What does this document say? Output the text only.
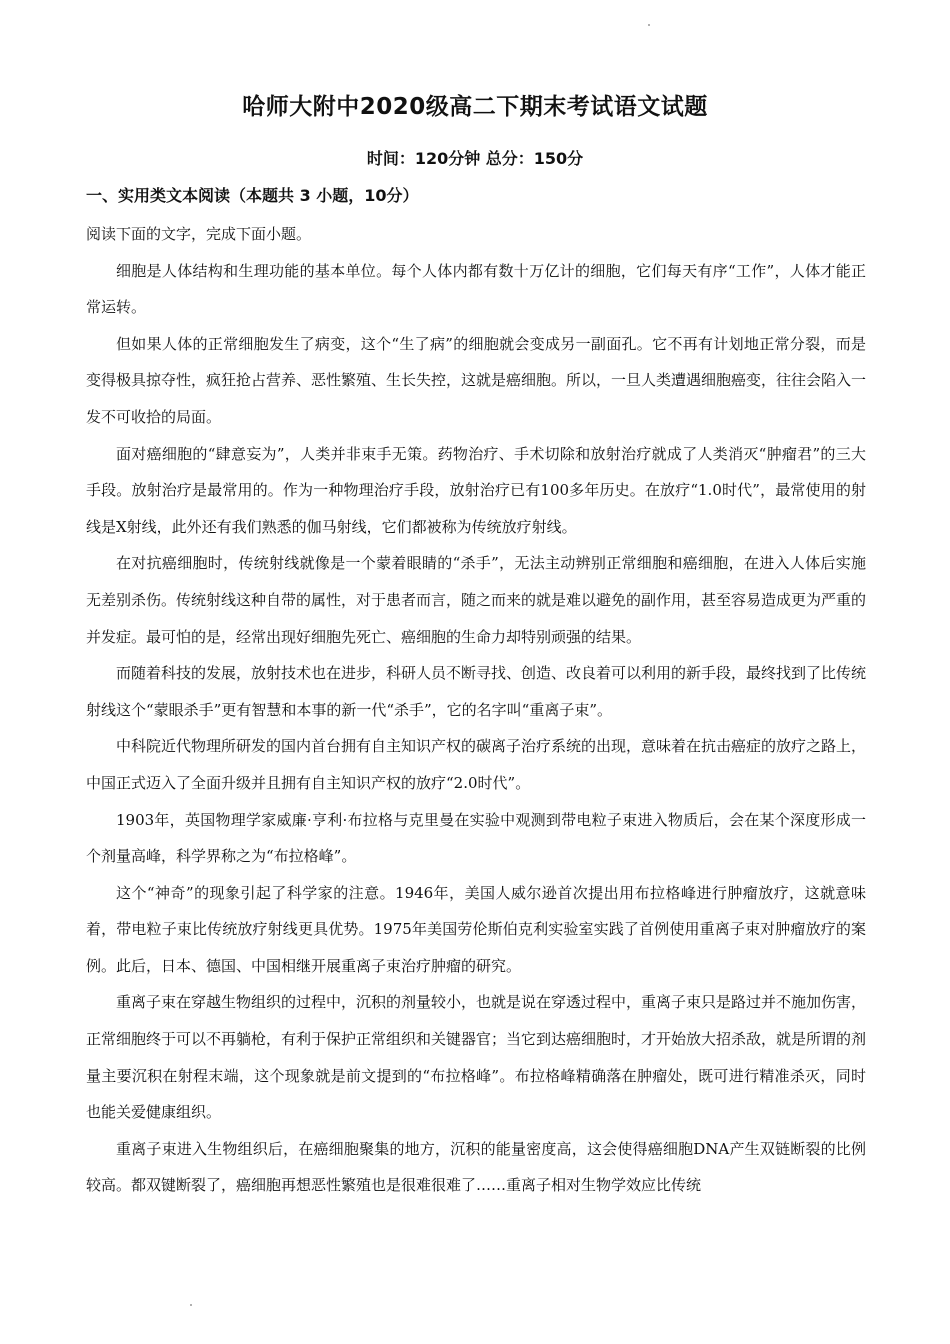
哈师大附中2020级高二下期末考试语文试题
时间：120分钟 总分：150分
一、实用类文本阅读（本题共 3 小题，10分）

阅读下面的文字，完成下面小题。

细胞是人体结构和生理功能的基本单位。每个人体内都有数十万亿计的细胞，它们每天有序“工作”，人体才能正常运转。

但如果人体的正常细胞发生了病变，这个“生了病”的细胞就会变成另一副面孔。它不再有计划地正常分裂，而是变得极具掠夺性，疯狂抢占营养、恶性繁殖、生长失控，这就是癌细胞。所以，一旦人类遭遇细胞癌变，往往会陷入一发不可收拾的局面。

面对癌细胞的“肆意妄为”，人类并非束手无策。药物治疗、手术切除和放射治疗就成了人类消灭“肿瘤君”的三大手段。放射治疗是最常用的。作为一种物理治疗手段，放射治疗已有100多年历史。在放疗“1.0时代”，最常使用的射线是X射线，此外还有我们熟悉的伽马射线，它们都被称为传统放疗射线。

在对抗癌细胞时，传统射线就像是一个蒙着眼睛的“杀手”，无法主动辨别正常细胞和癌细胞，在进入人体后实施无差别杀伤。传统射线这种自带的属性，对于患者而言，随之而来的就是难以避免的副作用，甚至容易造成更为严重的并发症。最可怕的是，经常出现好细胞先死亡、癌细胞的生命力却特别顽强的结果。

而随着科技的发展，放射技术也在进步，科研人员不断寻找、创造、改良着可以利用的新手段，最终找到了比传统射线这个“蒙眼杀手”更有智慧和本事的新一代“杀手”，它的名字叫“重离子束”。

中科院近代物理所研发的国内首台拥有自主知识产权的碳离子治疗系统的出现，意味着在抗击癌症的放疗之路上，中国正式迈入了全面升级并且拥有自主知识产权的放疗“2.0时代”。

1903年，英国物理学家威廉·亨利·布拉格与克里曼在实验中观测到带电粒子束进入物质后，会在某个深度形成一个剂量高峰，科学界称之为“布拉格峰”。

这个“神奇”的现象引起了科学家的注意。1946年，美国人威尔逊首次提出用布拉格峰进行肿瘤放疗，这就意味着，带电粒子束比传统放疗射线更具优势。1975年美国劳伦斯伯克利实验室实践了首例使用重离子束对肿瘤放疗的案例。此后，日本、德国、中国相继开展重离子束治疗肿瘤的研究。

重离子束在穿越生物组织的过程中，沉积的剂量较小，也就是说在穿透过程中，重离子束只是路过并不施加伤害，正常细胞终于可以不再躺枪，有利于保护正常组织和关键器官；当它到达癌细胞时，才开始放大招杀敌，就是所谓的剂量主要沉积在射程末端，这个现象就是前文提到的“布拉格峰”。布拉格峰精确落在肿瘤处，既可进行精准杀灭，同时也能关爱健康组织。

重离子束进入生物组织后，在癌细胞聚集的地方，沉积的能量密度高，这会使得癌细胞DNA产生双链断裂的比例较高。都双键断裂了，癌细胞再想恶性繁殖也是很难很难了……重离子相对生物学效应比传统
